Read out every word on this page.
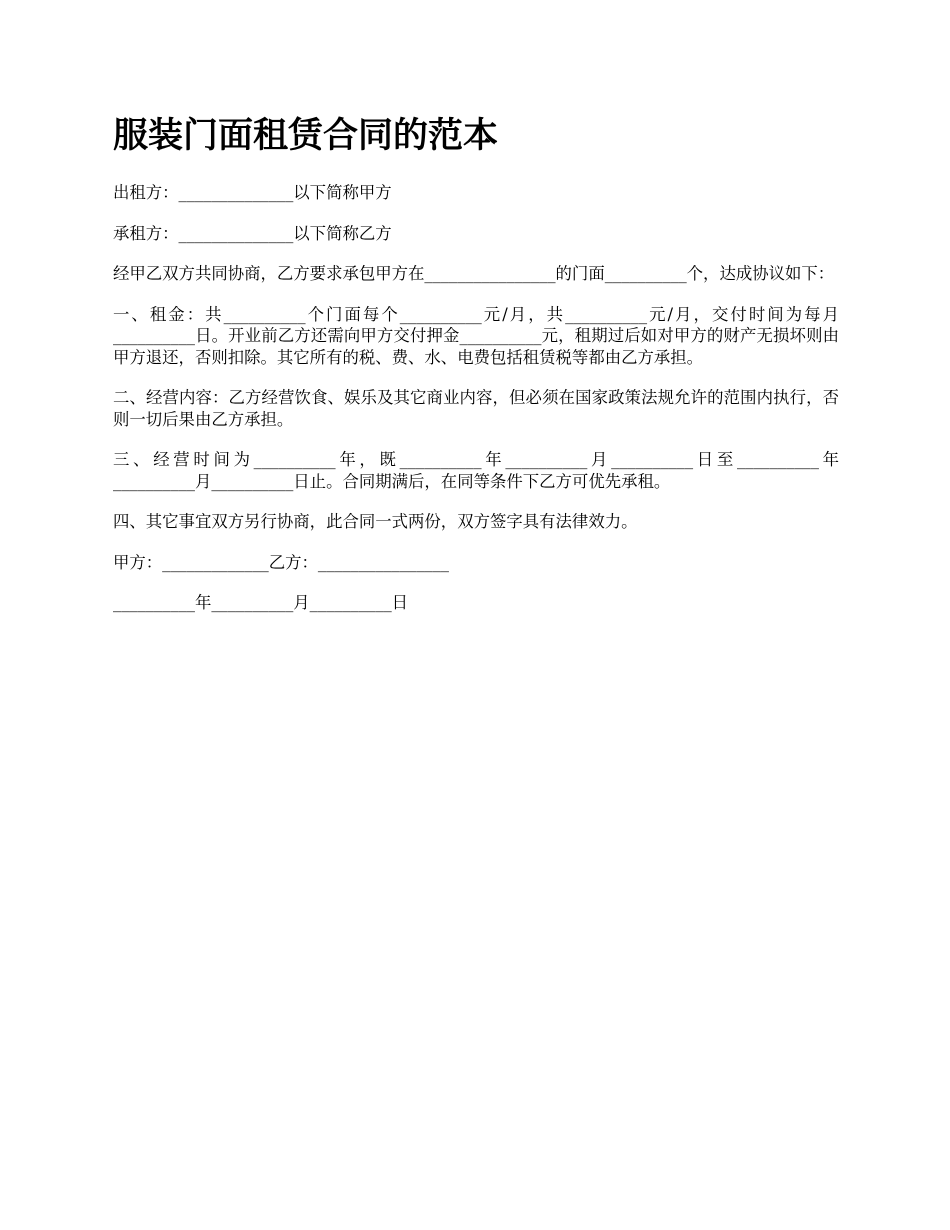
服装门面租赁合同的范本

出租方：______________以下简称甲方

承租方：______________以下简称乙方

经甲乙双方共同协商，乙方要求承包甲方在________________的门面__________个，达成协议如下：

一、租金：共__________个门面每个__________元/月，共__________元/月，交付时间为每月__________日。开业前乙方还需向甲方交付押金__________元，租期过后如对甲方的财产无损坏则由甲方退还，否则扣除。其它所有的税、费、水、电费包括租赁税等都由乙方承担。

二、经营内容：乙方经营饮食、娱乐及其它商业内容，但必须在国家政策法规允许的范围内执行，否则一切后果由乙方承担。

三、经营时间为__________年，既__________年__________月__________日至__________年__________月__________日止。合同期满后，在同等条件下乙方可优先承租。

四、其它事宜双方另行协商，此合同一式两份，双方签字具有法律效力。

甲方：_____________乙方：________________

__________年__________月__________日
